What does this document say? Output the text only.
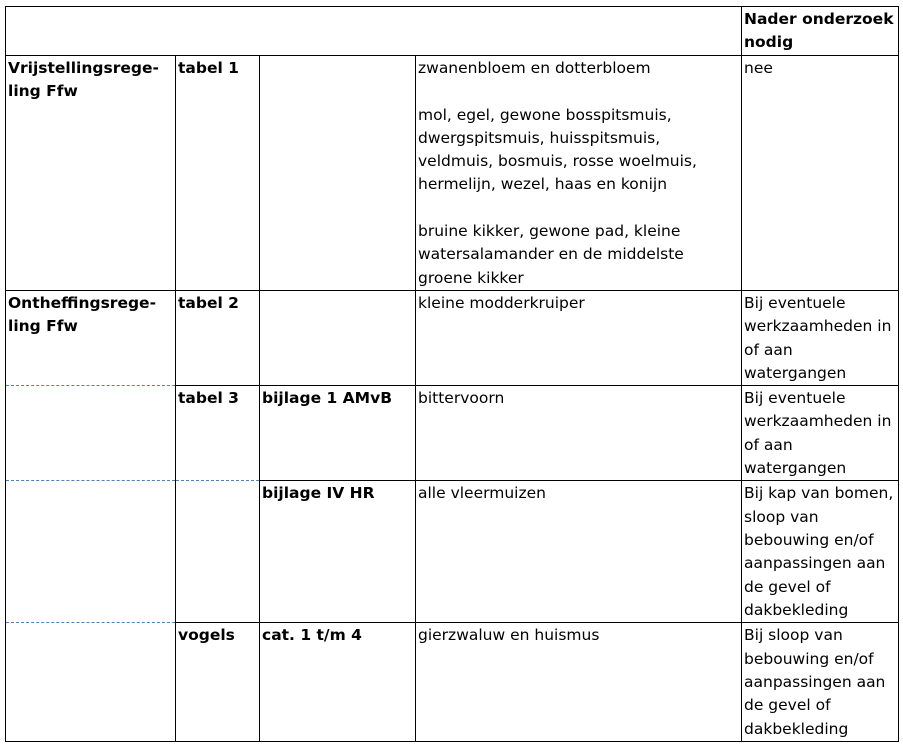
				Nader onderzoek nodig
Vrijstellingsrege-ling Ffw	tabel 1		zwanenbloem en dotterbloem
mol, egel, gewone bosspitsmuis, dwergspitsmuis, huisspitsmuis, veldmuis, bosmuis, rosse woelmuis, hermelijn, wezel, haas en konijn
bruine kikker, gewone pad, kleine watersalamander en de middelste groene kikker	nee
Ontheffingsrege-ling Ffw	tabel 2		kleine modderkruiper	Bij eventuele werkzaamheden in of aan watergangen
	tabel 3	bijlage 1 AMvB	bittervoorn	Bij eventuele werkzaamheden in of aan watergangen
		bijlage IV HR	alle vleermuizen	Bij kap van bomen, sloop van bebouwing en/of aanpassingen aan de gevel of dakbekleding
	vogels	cat. 1 t/m 4	gierzwaluw en huismus	Bij sloop van bebouwing en/of aanpassingen aan de gevel of dakbekleding
